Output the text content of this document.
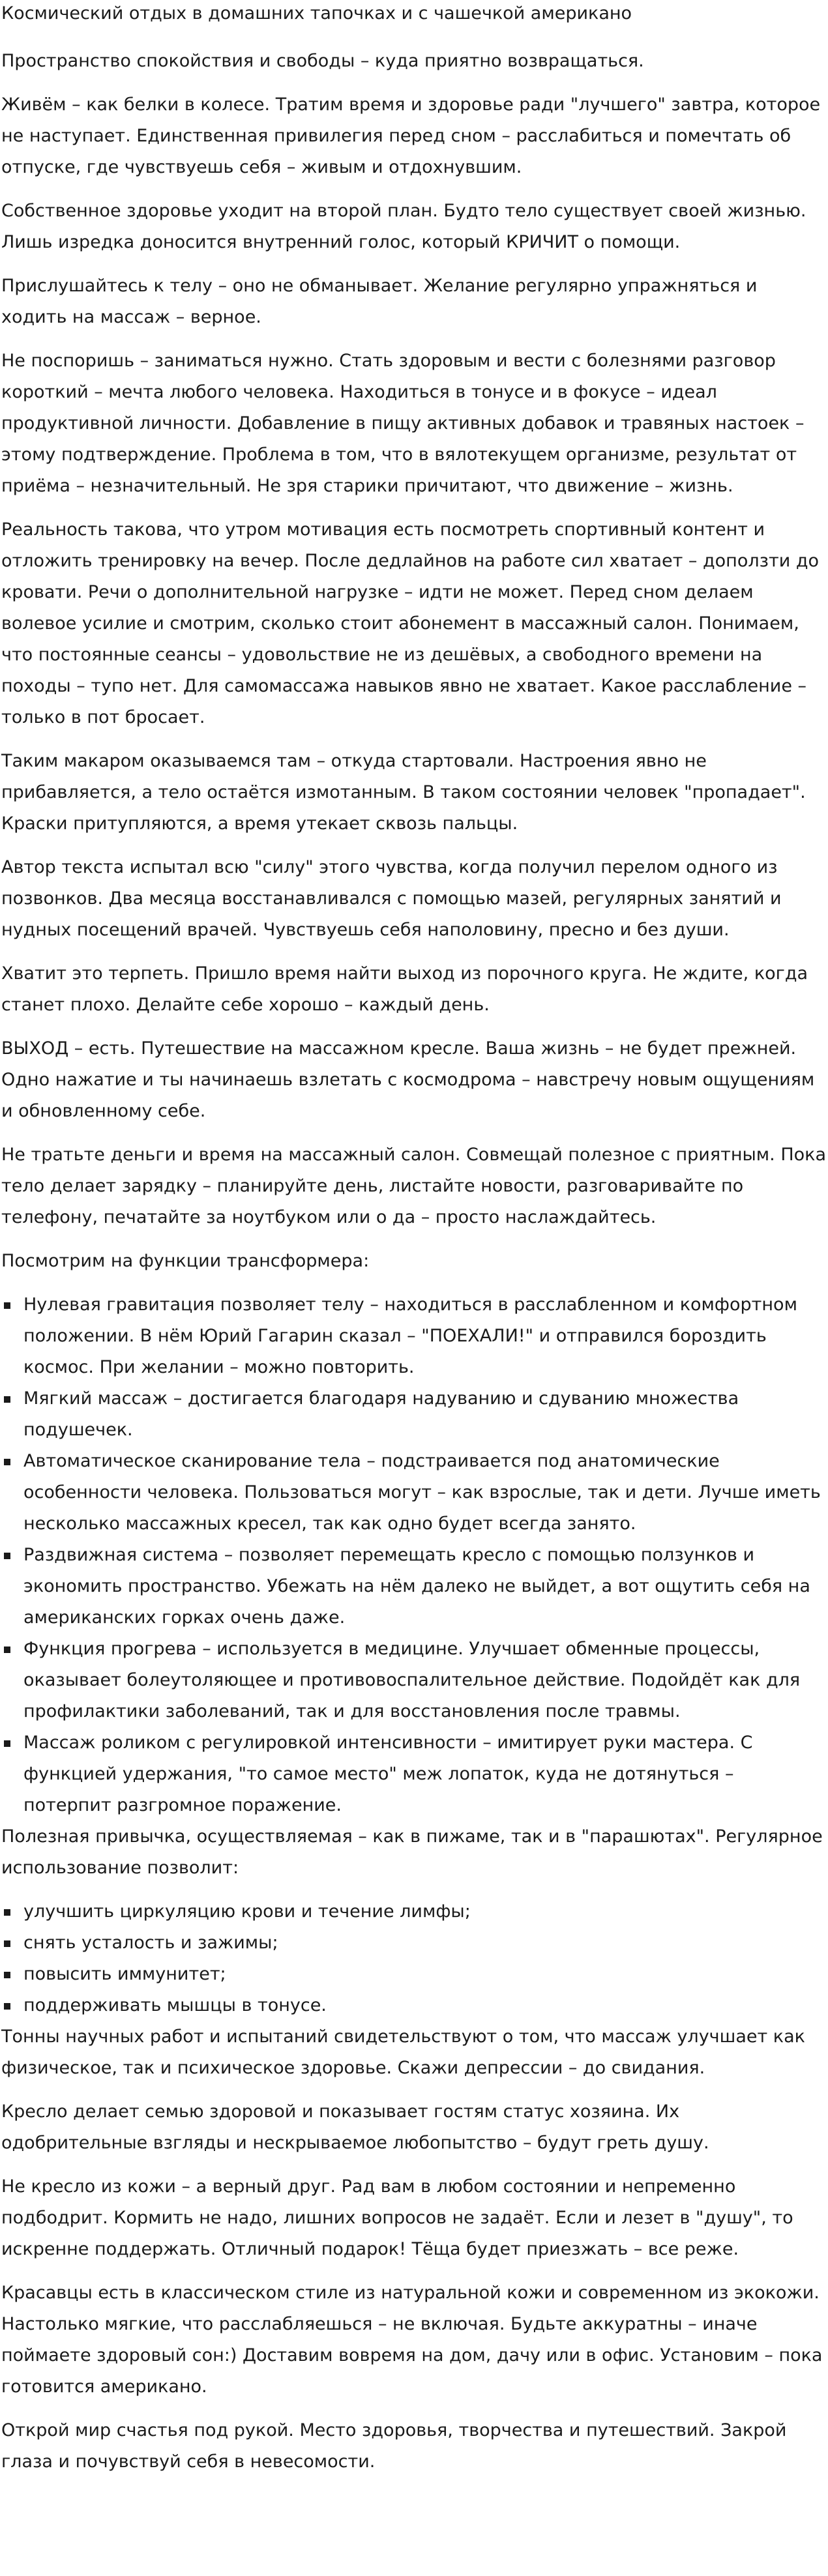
Космический отдых в домашних тапочках и с чашечкой американо

Пространство спокойствия и свободы – куда приятно возвращаться.

Живём – как белки в колесе. Тратим время и здоровье ради "лучшего" завтра, которое не наступает. Единственная привилегия перед сном – расслабиться и помечтать об отпуске, где чувствуешь себя – живым и отдохнувшим.

Собственное здоровье уходит на второй план. Будто тело существует своей жизнью. Лишь изредка доносится внутренний голос, который КРИЧИТ о помощи.

Прислушайтесь к телу – оно не обманывает. Желание регулярно упражняться и ходить на массаж – верное.

Не поспоришь – заниматься нужно. Стать здоровым и вести с болезнями разговор короткий – мечта любого человека. Находиться в тонусе и в фокусе – идеал продуктивной личности. Добавление в пищу активных добавок и травяных настоек – этому подтверждение. Проблема в том, что в вялотекущем организме, результат от приёма – незначительный. Не зря старики причитают, что движение – жизнь.

Реальность такова, что утром мотивация есть посмотреть спортивный контент и отложить тренировку на вечер. После дедлайнов на работе сил хватает – доползти до кровати. Речи о дополнительной нагрузке – идти не может. Перед сном делаем волевое усилие и смотрим, сколько стоит абонемент в массажный салон. Понимаем, что постоянные сеансы – удовольствие не из дешёвых, а свободного времени на походы – тупо нет. Для самомассажа навыков явно не хватает. Какое расслабление – только в пот бросает.

Таким макаром оказываемся там – откуда стартовали. Настроения явно не прибавляется, а тело остаётся измотанным. В таком состоянии человек "пропадает". Краски притупляются, а время утекает сквозь пальцы.

Автор текста испытал всю "силу" этого чувства, когда получил перелом одного из позвонков. Два месяца восстанавливался с помощью мазей, регулярных занятий и нудных посещений врачей. Чувствуешь себя наполовину, пресно и без души.

Хватит это терпеть. Пришло время найти выход из порочного круга. Не ждите, когда станет плохо. Делайте себе хорошо – каждый день.

ВЫХОД – есть. Путешествие на массажном кресле. Ваша жизнь – не будет прежней. Одно нажатие и ты начинаешь взлетать с космодрома – навстречу новым ощущениям и обновленному себе.

Не тратьте деньги и время на массажный салон. Совмещай полезное с приятным. Пока тело делает зарядку – планируйте день, листайте новости, разговаривайте по телефону, печатайте за ноутбуком или о да – просто наслаждайтесь.

Посмотрим на функции трансформера:

Нулевая гравитация позволяет телу – находиться в расслабленном и комфортном положении. В нём Юрий Гагарин сказал – "ПОЕХАЛИ!" и отправился бороздить космос. При желании – можно повторить.
Мягкий массаж – достигается благодаря надуванию и сдуванию множества подушечек.
Автоматическое сканирование тела – подстраивается под анатомические особенности человека. Пользоваться могут – как взрослые, так и дети. Лучше иметь несколько массажных кресел, так как одно будет всегда занято.
Раздвижная система – позволяет перемещать кресло с помощью ползунков и экономить пространство. Убежать на нём далеко не выйдет, а вот ощутить себя на американских горках очень даже.
Функция прогрева – используется в медицине. Улучшает обменные процессы, оказывает болеутоляющее и противовоспалительное действие. Подойдёт как для профилактики заболеваний, так и для восстановления после травмы.
Массаж роликом с регулировкой интенсивности – имитирует руки мастера. С функцией удержания, "то самое место" меж лопаток, куда не дотянуться – потерпит разгромное поражение.

Полезная привычка, осуществляемая – как в пижаме, так и в "парашютах". Регулярное использование позволит:

улучшить циркуляцию крови и течение лимфы;
снять усталость и зажимы;
повысить иммунитет;
поддерживать мышцы в тонусе.

Тонны научных работ и испытаний свидетельствуют о том, что массаж улучшает как физическое, так и психическое здоровье. Скажи депрессии – до свидания.

Кресло делает семью здоровой и показывает гостям статус хозяина. Их одобрительные взгляды и нескрываемое любопытство – будут греть душу.

Не кресло из кожи – а верный друг. Рад вам в любом состоянии и непременно подбодрит. Кормить не надо, лишних вопросов не задаёт. Если и лезет в "душу", то искренне поддержать. Отличный подарок! Тёща будет приезжать – все реже.

Красавцы есть в классическом стиле из натуральной кожи и современном из экокожи. Настолько мягкие, что расслабляешься – не включая. Будьте аккуратны – иначе поймаете здоровый сон:) Доставим вовремя на дом, дачу или в офис. Установим – пока готовится американо.

Открой мир счастья под рукой. Место здоровья, творчества и путешествий. Закрой глаза и почувствуй себя в невесомости.
